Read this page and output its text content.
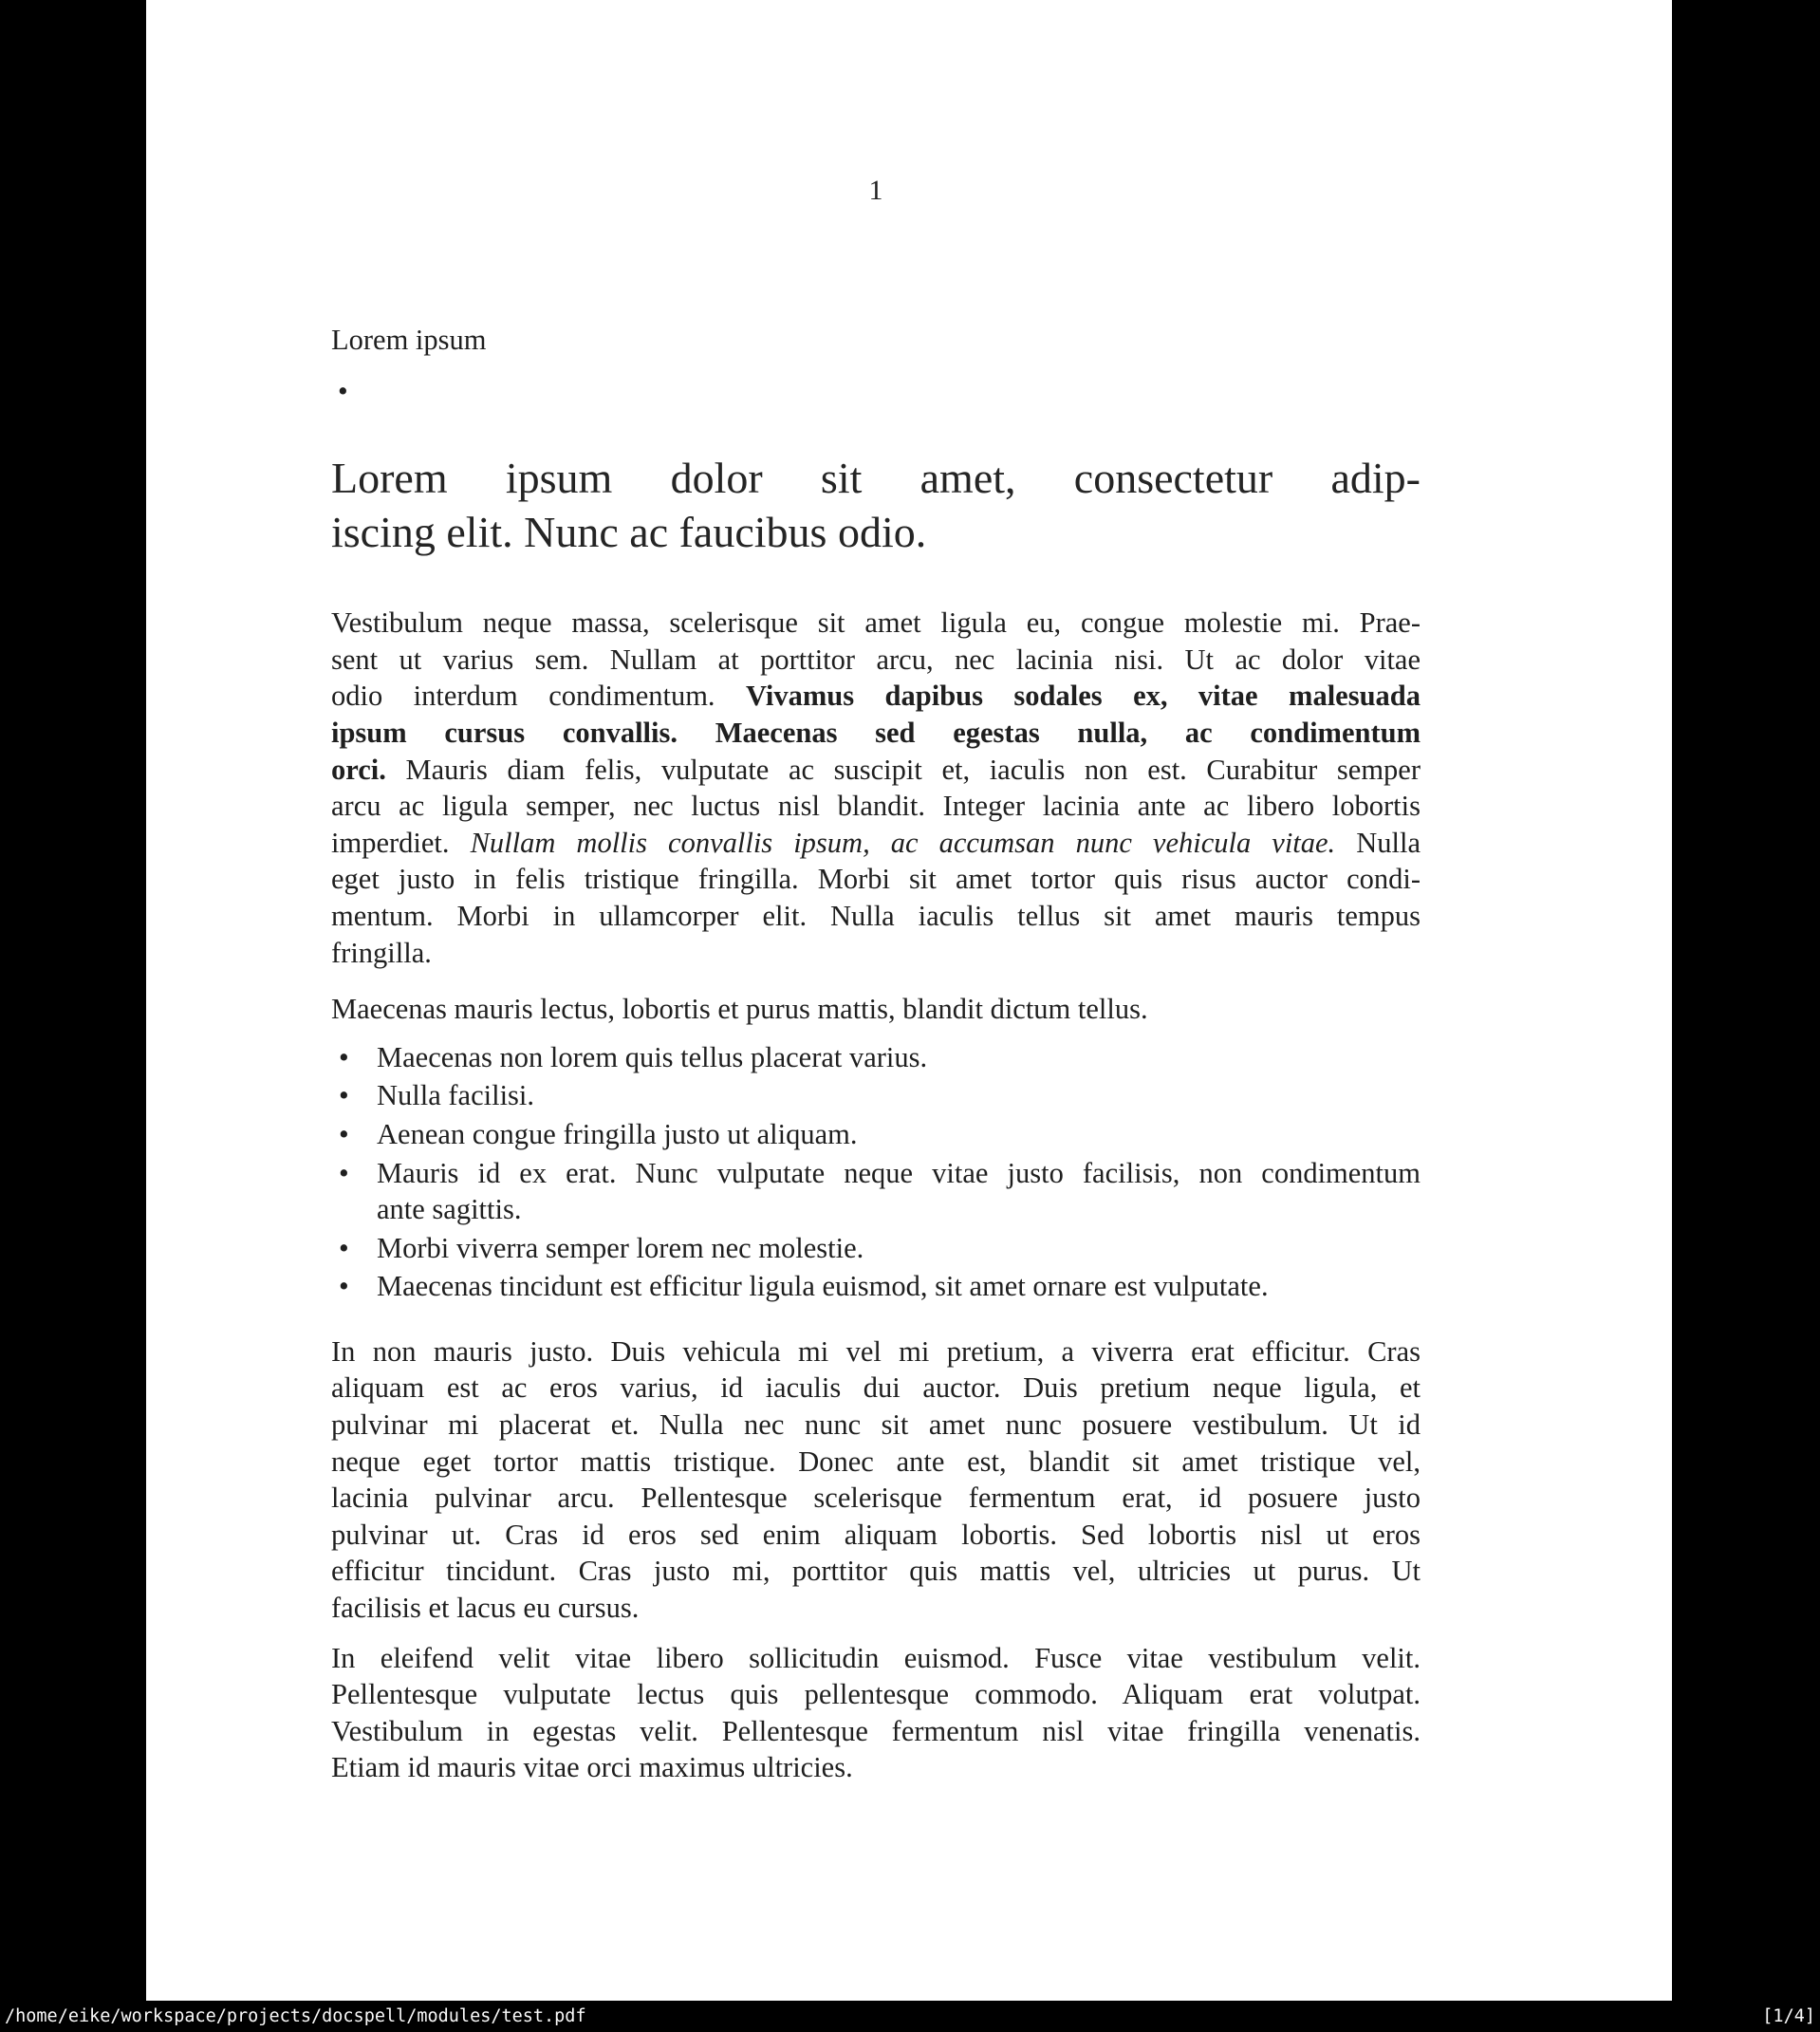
1
Lorem ipsum
•
Lorem ipsum dolor sit amet, consectetur adip-
iscing elit. Nunc ac faucibus odio.
Vestibulum neque massa, scelerisque sit amet ligula eu, congue molestie mi. Prae-
sent ut varius sem. Nullam at porttitor arcu, nec lacinia nisi. Ut ac dolor vitae
odio interdum condimentum. Vivamus dapibus sodales ex, vitae malesuada
ipsum cursus convallis. Maecenas sed egestas nulla, ac condimentum
orci. Mauris diam felis, vulputate ac suscipit et, iaculis non est. Curabitur semper
arcu ac ligula semper, nec luctus nisl blandit. Integer lacinia ante ac libero lobortis
imperdiet. Nullam mollis convallis ipsum, ac accumsan nunc vehicula vitae. Nulla
eget justo in felis tristique fringilla. Morbi sit amet tortor quis risus auctor condi-
mentum. Morbi in ullamcorper elit. Nulla iaculis tellus sit amet mauris tempus
fringilla.
Maecenas mauris lectus, lobortis et purus mattis, blandit dictum tellus.
• Maecenas non lorem quis tellus placerat varius.
• Nulla facilisi.
• Aenean congue fringilla justo ut aliquam.
• Mauris id ex erat. Nunc vulputate neque vitae justo facilisis, non condimentum
ante sagittis.
• Morbi viverra semper lorem nec molestie.
• Maecenas tincidunt est efficitur ligula euismod, sit amet ornare est vulputate.
In non mauris justo. Duis vehicula mi vel mi pretium, a viverra erat efficitur. Cras
aliquam est ac eros varius, id iaculis dui auctor. Duis pretium neque ligula, et
pulvinar mi placerat et. Nulla nec nunc sit amet nunc posuere vestibulum. Ut id
neque eget tortor mattis tristique. Donec ante est, blandit sit amet tristique vel,
lacinia pulvinar arcu. Pellentesque scelerisque fermentum erat, id posuere justo
pulvinar ut. Cras id eros sed enim aliquam lobortis. Sed lobortis nisl ut eros
efficitur tincidunt. Cras justo mi, porttitor quis mattis vel, ultricies ut purus. Ut
facilisis et lacus eu cursus.
In eleifend velit vitae libero sollicitudin euismod. Fusce vitae vestibulum velit.
Pellentesque vulputate lectus quis pellentesque commodo. Aliquam erat volutpat.
Vestibulum in egestas velit. Pellentesque fermentum nisl vitae fringilla venenatis.
Etiam id mauris vitae orci maximus ultricies.
/home/eike/workspace/projects/docspell/modules/test.pdf	[1/4]
